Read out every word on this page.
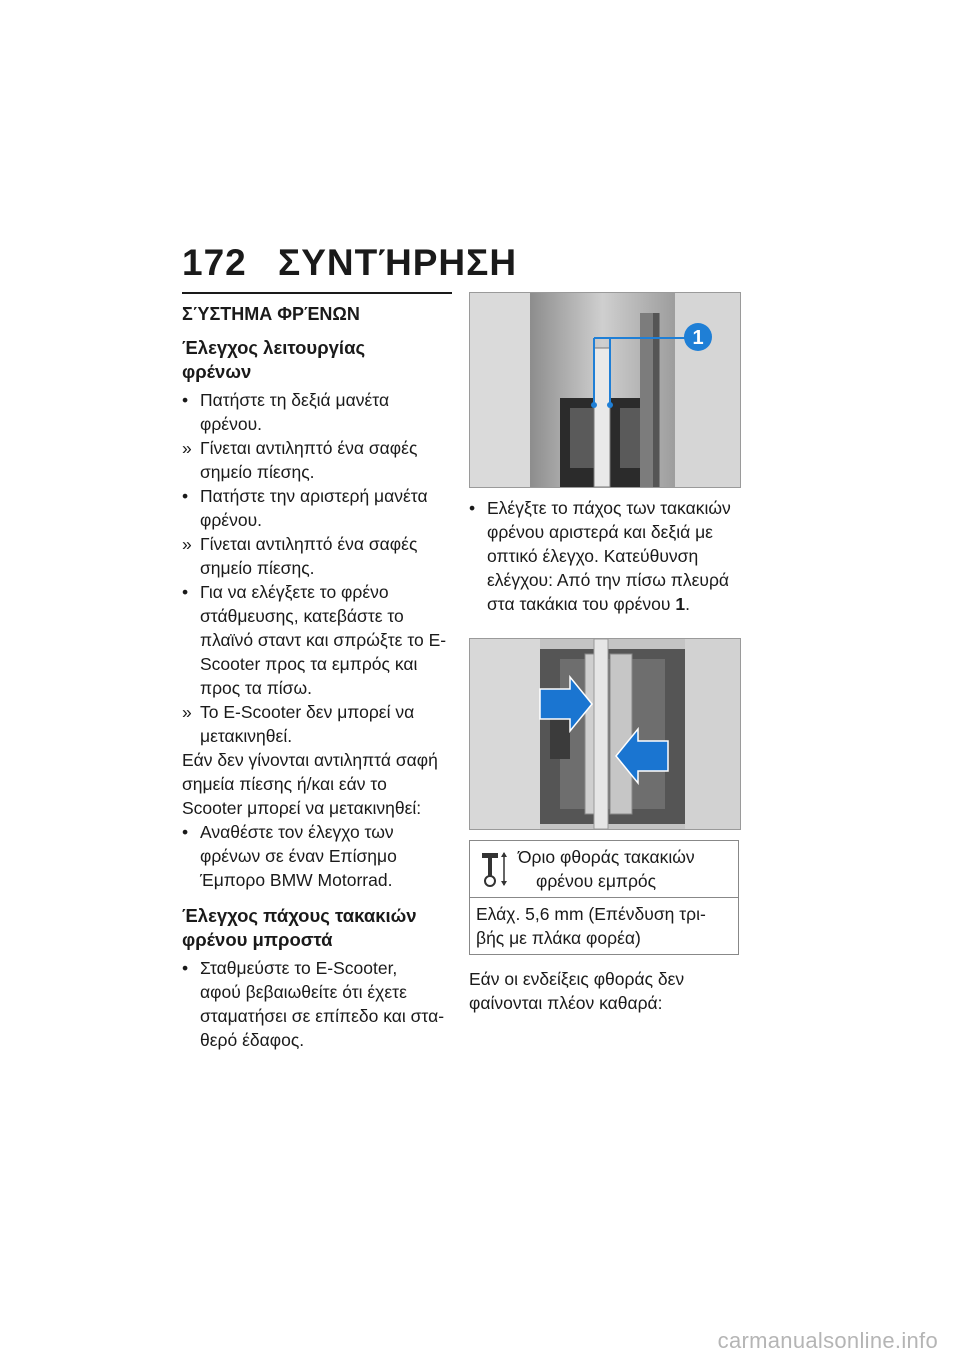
172 ΣΥΝΤΉΡΗΣΗ
ΣΎΣΤΗΜΑ ΦΡΈΝΩΝ
Έλεγχος λειτουργίας
φρένων
• Πατήστε τη δεξιά μανέτα
φρένου.
» Γίνεται αντιληπτό ένα σαφές
σημείο πίεσης.
• Πατήστε την αριστερή μανέτα
φρένου.
» Γίνεται αντιληπτό ένα σαφές
σημείο πίεσης.
• Για να ελέγξετε το φρένο
στάθμευσης, κατεβάστε το
πλαϊνό σταντ και σπρώξτε το E-
Scooter προς τα εμπρός και
προς τα πίσω.
» Το E-Scooter δεν μπορεί να
μετακινηθεί.
Εάν δεν γίνονται αντιληπτά σαφή
σημεία πίεσης ή/και εάν το
Scooter μπορεί να μετακινηθεί:
• Αναθέστε τον έλεγχο των
φρένων σε έναν Επίσημο
Έμπορο BMW Motorrad.
Έλεγχος πάχους τακακιών
φρένου μπροστά
• Σταθμεύστε το E-Scooter,
αφού βεβαιωθείτε ότι έχετε
σταματήσει σε επίπεδο και στα-
θερό έδαφος.
1
• Ελέγξτε το πάχος των τακακιών
φρένου αριστερά και δεξιά με
οπτικό έλεγχο. Κατεύθυνση
ελέγχου: Από την πίσω πλευρά
στα τακάκια του φρένου 1.
Όριο φθοράς τακακιών
φρένου εμπρός
Ελάχ. 5,6 mm (Επένδυση τρι-
βής με πλάκα φορέα)
Εάν οι ενδείξεις φθοράς δεν
φαίνονται πλέον καθαρά:
carmanualsonline.info
